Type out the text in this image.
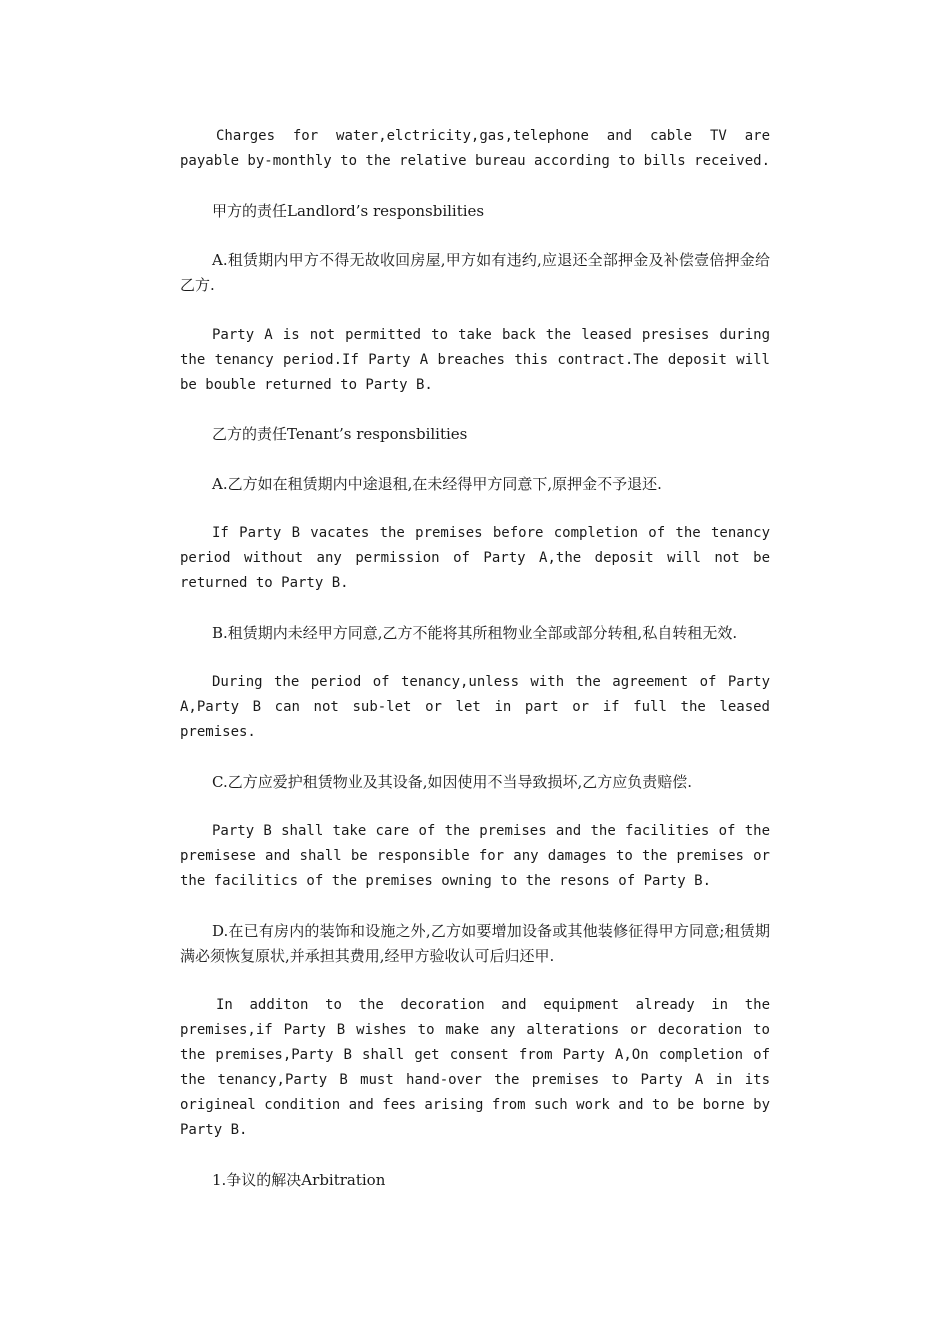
Charges for water,elctricity,gas,telephone and cable TV are payable by-monthly to the relative bureau according to bills received.

甲方的责任Landlord’s responsbilities

A.租赁期内甲方不得无故收回房屋,甲方如有违约,应退还全部押金及补偿壹倍押金给乙方.

Party A is not permitted to take back the leased presises during the tenancy period.If Party A breaches this contract.The deposit will be bouble returned to Party B.

乙方的责任Tenant’s responsbilities

A.乙方如在租赁期内中途退租,在未经得甲方同意下,原押金不予退还.

If Party B vacates the premises before completion of the tenancy period without any permission of Party A,the deposit will not be returned to Party B.

B.租赁期内未经甲方同意,乙方不能将其所租物业全部或部分转租,私自转租无效.

During the period of tenancy,unless with the agreement of Party A,Party B can not sub-let or let in part or if full the leased premises.

C.乙方应爱护租赁物业及其设备,如因使用不当导致损坏,乙方应负责赔偿.

Party B shall take care of the premises and the facilities of the premisese and shall be responsible for any damages to the premises or the facilitics of the premises owning to the resons of Party B.

D.在已有房内的装饰和设施之外,乙方如要增加设备或其他装修征得甲方同意;租赁期满必须恢复原状,并承担其费用,经甲方验收认可后归还甲.

In additon to the decoration and equipment already in the premises,if Party B wishes to make any alterations or decoration to the premises,Party B shall get consent from Party A,On completion of the tenancy,Party B must hand-over the premises to Party A in its origineal condition and fees arising from such work and to be borne by Party B.

1.争议的解决Arbitration
